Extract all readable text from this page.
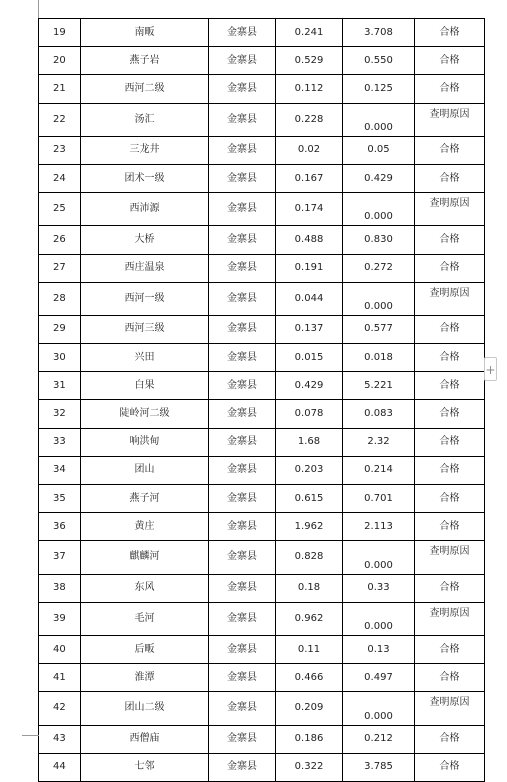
19	南畈	金寨县	0.241	3.708	合格
20	燕子岩	金寨县	0.529	0.550	合格
21	西河二级	金寨县	0.112	0.125	合格
22	汤汇	金寨县	0.228	0.000	查明原因
23	三龙井	金寨县	0.02	0.05	合格
24	团术一级	金寨县	0.167	0.429	合格
25	西沛源	金寨县	0.174	0.000	查明原因
26	大桥	金寨县	0.488	0.830	合格
27	西庄温泉	金寨县	0.191	0.272	合格
28	西河一级	金寨县	0.044	0.000	查明原因
29	西河三级	金寨县	0.137	0.577	合格
30	兴田	金寨县	0.015	0.018	合格
31	白果	金寨县	0.429	5.221	合格
32	陡岭河二级	金寨县	0.078	0.083	合格
33	响洪甸	金寨县	1.68	2.32	合格
34	团山	金寨县	0.203	0.214	合格
35	燕子河	金寨县	0.615	0.701	合格
36	黄庄	金寨县	1.962	2.113	合格
37	麒麟河	金寨县	0.828	0.000	查明原因
38	东风	金寨县	0.18	0.33	合格
39	毛河	金寨县	0.962	0.000	查明原因
40	后畈	金寨县	0.11	0.13	合格
41	淮潭	金寨县	0.466	0.497	合格
42	团山二级	金寨县	0.209	0.000	查明原因
43	西僧庙	金寨县	0.186	0.212	合格
44	七邻	金寨县	0.322	3.785	合格
+
